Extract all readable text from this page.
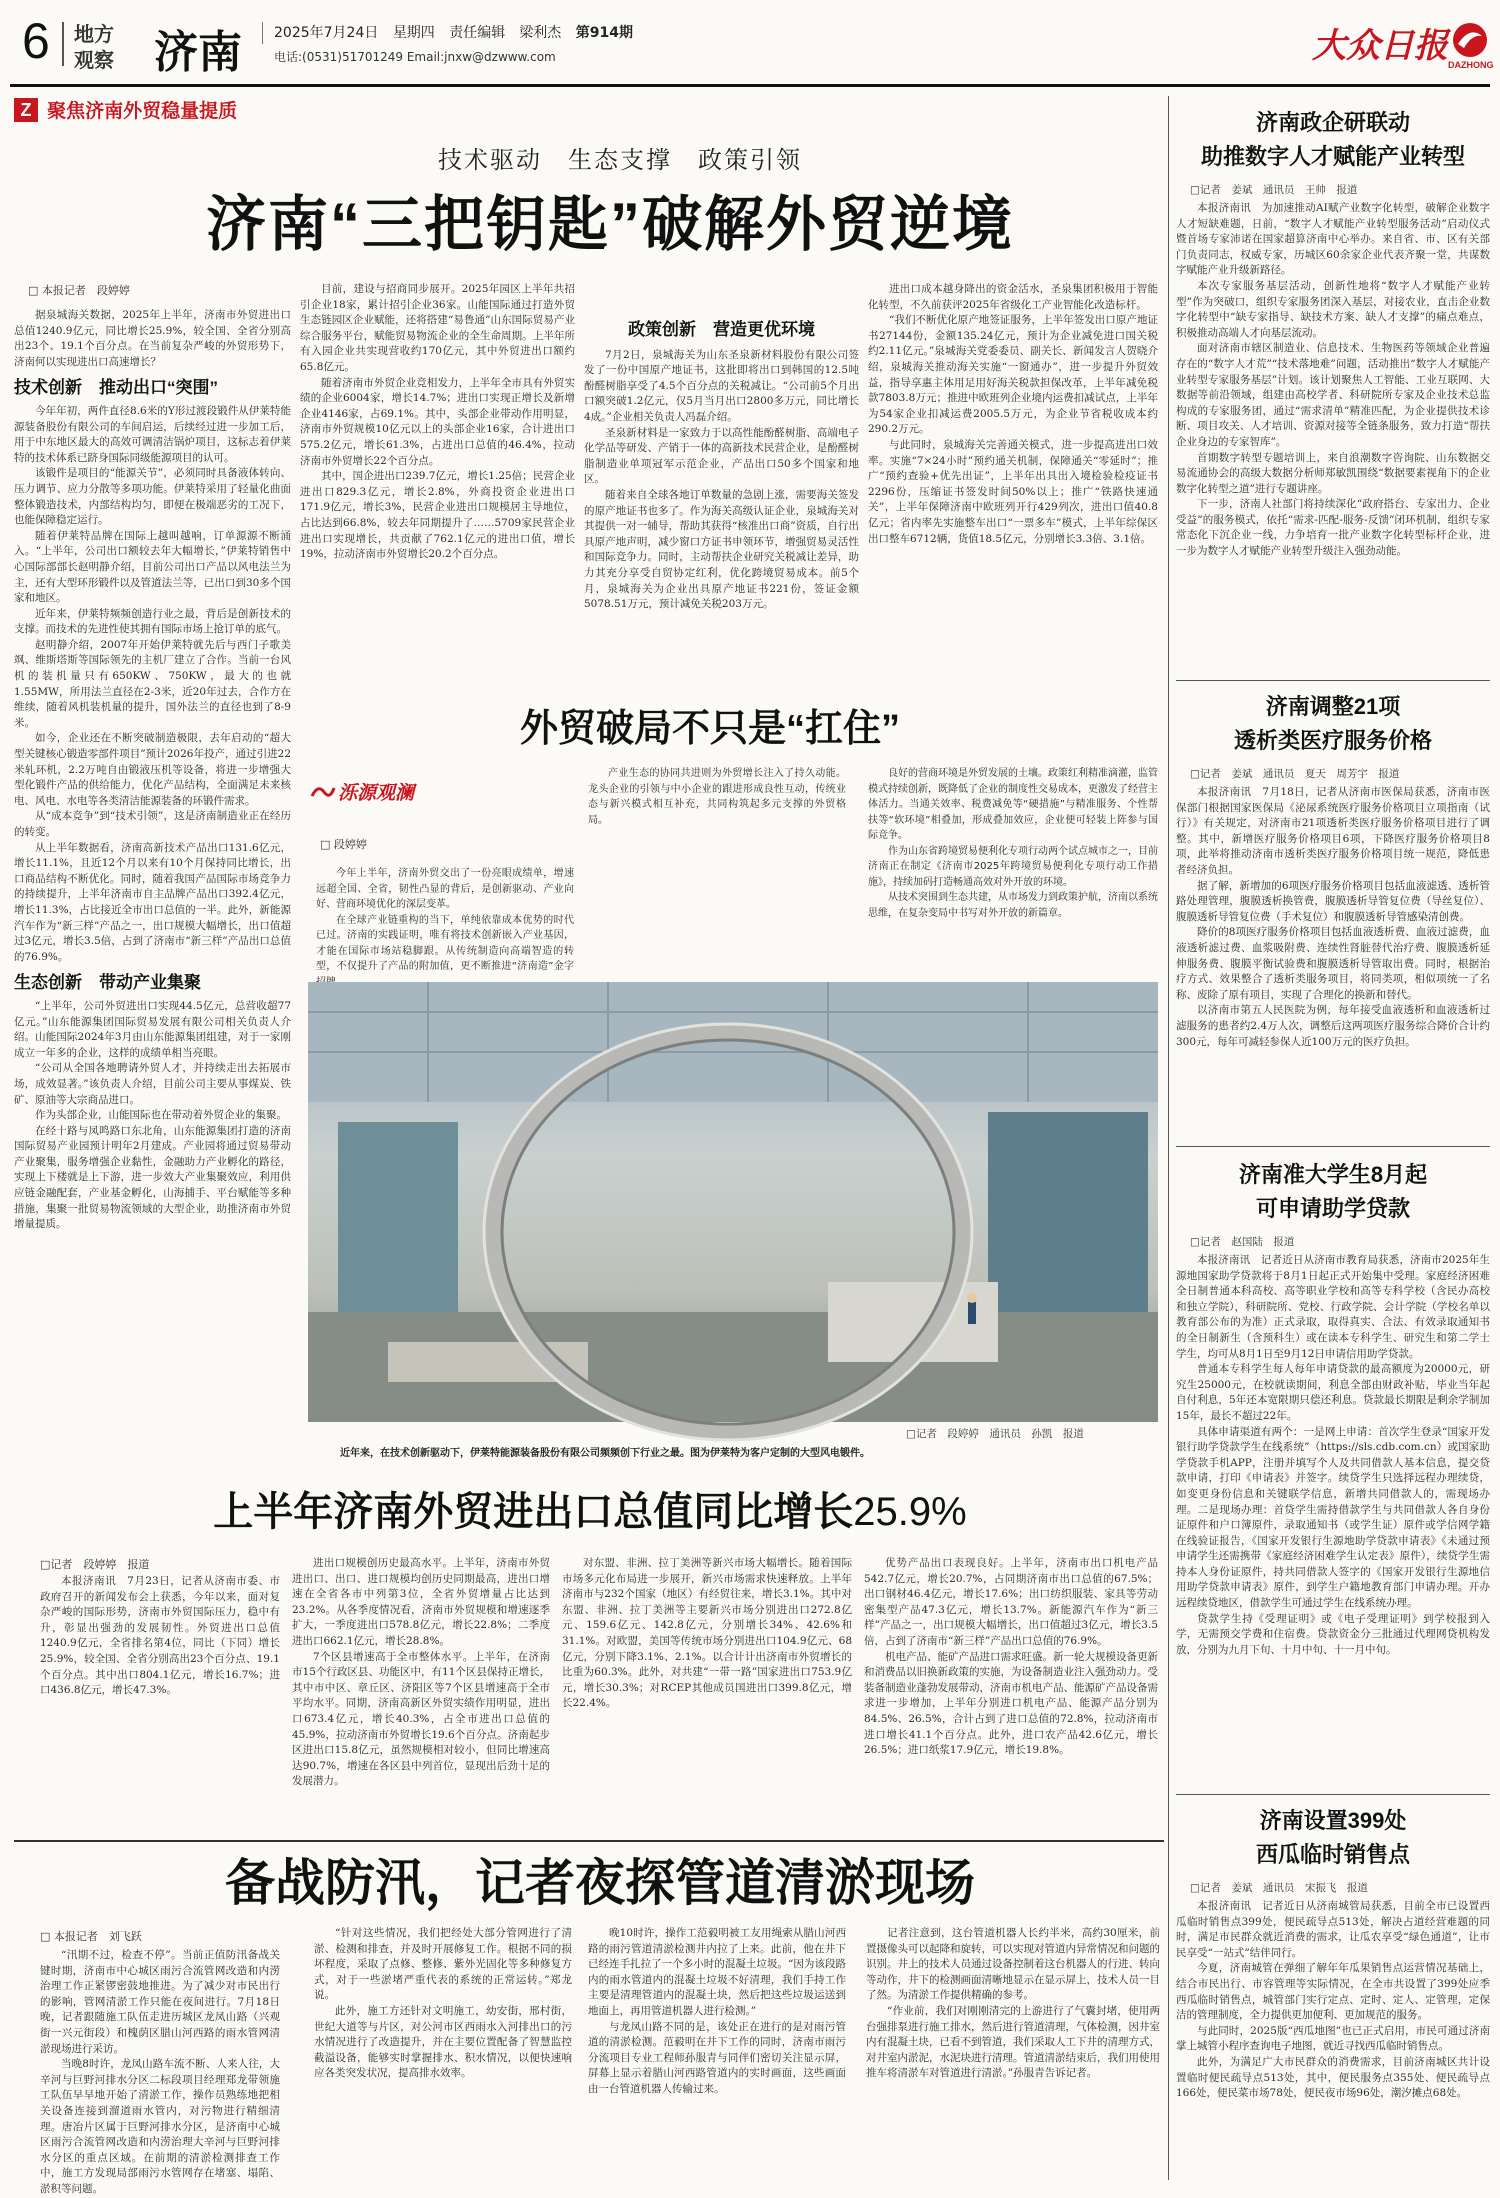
6 地方
观察 济南 2025年7月24日 星期四 责任编辑　梁利杰 第914期
电话:(0531)51701249 Email:jnxw@dzwww.com	大众日报 DAZHONG
Z 聚焦济南外贸稳量提质
技术驱动　生态支撑　政策引领
济南“三把钥匙”破解外贸逆境
□ 本报记者　段婷婷

据泉城海关数据，2025年上半年，济南市外贸进出口总值1240.9亿元，同比增长25.9%，较全国、全省分别高出23个、19.1个百分点。在当前复杂严峻的外贸形势下，济南何以实现进出口高速增长？

技术创新　推动出口“突围”

今年年初，两件直径8.6米的Y形过渡段锻件从伊莱特能源装备股份有限公司的车间启运，后续经过进一步加工后，用于中东地区最大的高效可调清洁锅炉项目，这标志着伊莱特的技术体系已跻身国际同级能源项目的认可。

该锻件是项目的“能源关节”，必须同时具备液体转向、压力调节、应力分散等多项功能。伊莱特采用了轻量化曲面整体锻造技术，内部结构均匀，即便在极端恶劣的工况下，也能保障稳定运行。

随着伊莱特品牌在国际上越叫越响，订单源源不断涌入。“上半年，公司出口额较去年大幅增长，”伊莱特销售中心国际部部长赵明静介绍，目前公司出口产品以风电法兰为主，还有大型环形锻件以及管道法兰等，已出口到30多个国家和地区。

近年来，伊莱特频频创造行业之最，背后是创新技术的支撑。而技术的先进性使其拥有国际市场上抢订单的底气。

赵明静介绍，2007年开始伊莱特就先后与西门子歌美飒、维斯塔斯等国际领先的主机厂建立了合作。当前一台风机的装机量只有650KW、750KW，最大的也就1.55MW，所用法兰直径在2-3米，近20年过去，合作方在维续，随着风机装机量的提升，国外法兰的直径也到了8-9米。

如今，企业还在不断突破制造极限，去年启动的“超大型关键核心锻造零部件项目”预计2026年投产，通过引进22米轧环机，2.2万吨自由锻液压机等设备，将进一步增强大型化锻件产品的供给能力，优化产品结构，全面满足未来核电、风电、水电等各类清洁能源装备的环锻件需求。

从“成本竞争”到“技术引领”，这是济南制造业正在经历的转变。

从上半年数据看，济南高新技术产品出口131.6亿元，增长11.1%，且近12个月以来有10个月保持同比增长，出口商品结构不断优化。同时，随着我国产品国际市场竞争力的持续提升，上半年济南市自主品牌产品出口392.4亿元，增长11.3%，占比接近全市出口总值的一半。此外，新能源汽车作为“新三样”产品之一，出口规模大幅增长，出口值超过3亿元，增长3.5倍，占到了济南市“新三样”产品出口总值的76.9%。

生态创新　带动产业集聚

“上半年，公司外贸进出口实现44.5亿元，总营收超77亿元。”山东能源集团国际贸易发展有限公司相关负责人介绍。山能国际2024年3月由山东能源集团组建，对于一家刚成立一年多的企业，这样的成绩单相当亮眼。

“公司从全国各地聘请外贸人才，并持续走出去拓展市场，成效显著。”该负责人介绍，目前公司主要从事煤炭、铁矿、原油等大宗商品进口。

作为头部企业，山能国际也在带动着外贸企业的集聚。

在经十路与凤鸣路口东北角，山东能源集团打造的济南国际贸易产业园预计明年2月建成。产业园将通过贸易带动产业聚集，服务增强企业黏性，金融助力产业孵化的路径，实现上下楼就是上下游，进一步效大产业集聚效应，利用供应链金融配套，产业基金孵化，山海捕手、平台赋能等多种措施，集聚一批贸易物流领域的大型企业，助推济南市外贸增量提质。

目前，建设与招商同步展开。2025年园区上半年共招引企业18家，累计招引企业36家。山能国际通过打造外贸生态链园区企业赋能，还将搭建“易鲁通”山东国际贸易产业综合服务平台，赋能贸易物流企业的全生命周期。上半年所有入园企业共实现营收约170亿元，其中外贸进出口额约65.8亿元。

随着济南市外贸企业竞相发力，上半年全市具有外贸实绩的企业6004家，增长14.7%；进出口实现正增长及新增企业4146家，占69.1%。其中，头部企业带动作用明显，济南市外贸规模10亿元以上的头部企业16家，合计进出口575.2亿元，增长61.3%，占进出口总值的46.4%，拉动济南市外贸增长22个百分点。

其中，国企进出口239.7亿元，增长1.25倍；民营企业进出口829.3亿元，增长2.8%，外商投资企业进出口171.9亿元，增长3%，民营企业进出口规模居主导地位，占比达到66.8%，较去年同期提升了……5709家民营企业进出口实现增长，共贡献了762.1亿元的进出口值，增长19%，拉动济南市外贸增长20.2个百分点。

政策创新　营造更优环境

7月2日，泉城海关为山东圣泉新材料股份有限公司签发了一份中国原产地证书，这批即将出口到韩国的12.5吨酚醛树脂享受了4.5个百分点的关税减让。“公司前5个月出口额突破1.2亿元，仅5月当月出口2800多万元，同比增长4成。”企业相关负责人冯磊介绍。

圣泉新材料是一家致力于以高性能酚醛树脂、高端电子化学品等研发、产销于一体的高新技术民营企业，是酚醛树脂制造业单项冠军示范企业，产品出口50多个国家和地区。

随着来自全球各地订单数量的急剧上涨，需要海关签发的原产地证书也多了。作为海关高级认证企业，泉城海关对其提供一对一辅导，帮助其获得“核准出口商”资质，自行出具原产地声明，减少窗口方证书申领环节，增强贸易灵活性和国际竞争力。同时，主动帮扶企业研究关税减让差异，助力其充分享受自贸协定红利，优化跨境贸易成本。前5个月，泉城海关为企业出具原产地证书221份，签证金额5078.51万元，预计减免关税203万元。

进出口成本越身降出的资金活水，圣泉集团积极用于智能化转型，不久前获评2025年省级化工产业智能化改造标杆。

“我们不断优化原产地签证服务，上半年签发出口原产地证书27144份，金额135.24亿元，预计为企业减免进口国关税约2.11亿元。”泉城海关党委委员、副关长、新闻发言人贺晓介绍，泉城海关推动海关实施“一窗通办”，进一步提升外贸效益，指导享惠主体用足用好海关税款担保改革，上半年减免税款7803.8万元；推进中欧班列企业境内运费扣减试点，上半年为54家企业扣减运费2005.5万元，为企业节省税收成本约290.2万元。

与此同时，泉城海关完善通关模式，进一步提高进出口效率。实施“7×24小时”预约通关机制，保障通关“零延时”；推广“预约查验+优先出证”，上半年出具出入境检验检疫证书2296份，压缩证书签发时间50%以上；推广“铁路快速通关”，上半年保障济南中欧班列开行429列次，进出口值40.8亿元；省内率先实施整车出口“一票多车”模式，上半年综保区出口整车6712辆，货值18.5亿元，分别增长3.3倍、3.1倍。

外贸破局不只是“扛住”
泺源观澜
□ 段婷婷

今年上半年，济南外贸交出了一份亮眼成绩单，增速远超全国、全省，韧性凸显的背后，是创新驱动、产业向好、营商环境优化的深层变革。

在全球产业链重构的当下，单纯依靠成本优势的时代已过。济南的实践证明，唯有将技术创新嵌入产业基因，才能在国际市场站稳脚跟。从传统制造向高端智造的转型，不仅提升了产品的附加值，更不断推进“济南造”金字

产业生态的协同共进则为外贸增长注入了持久动能。龙头企业的引领与中小企业的跟进形成良性互动，传统业态与新兴模式相互补充，共同构筑起多元支撑的外贸格局。

良好的营商环境是外贸发展的土壤。政策红利精准滴灌，监管模式持续创新，既降低了企业的制度性交易成本，更激发了经营主体活力。当通关效率、税费减免等“硬措施”与精准服务、个性帮扶等“软环境”相叠加，形成叠加效应，企业便可轻装上阵参与国际竞争。

作为山东省跨境贸易便利化专项行动两个试点城市之一，目前济南正在制定《济南市2025年跨境贸易便利化专项行动工作措施》，持续加码打造畅通高效对外开放的环境。

从技术突围到生态共建，从市场发力到政策护航，济南以系统思维，在复杂变局中书写对外开放的新篇章。

□记者　段婷婷　通讯员　孙凯　报道
近年来，在技术创新驱动下，伊莱特能源装备股份有限公司频频创下行业之最。图为伊莱特为客户定制的大型风电锻件。
上半年济南外贸进出口总值同比增长25.9%
□记者　段婷婷　报道

本报济南讯　7月23日，记者从济南市委、市政府召开的新闻发布会上获悉，今年以来，面对复杂严峻的国际形势，济南市外贸国际压力，稳中有升，彰显出强劲的发展韧性。外贸进出口总值1240.9亿元，全省排名第4位，同比（下同）增长25.9%，较全国、全省分别高出23个百分点、19.1个百分点。其中出口804.1亿元，增长16.7%；进口436.8亿元，增长47.3%。

进出口规模创历史最高水平。上半年，济南市外贸进出口、出口、进口规模均创历史同期最高，进出口增速在全省各市中列第3位，全省外贸增量占比达到23.2%。从各季度情况看，济南市外贸规模和增速逐季扩大，一季度进出口578.8亿元，增长22.8%；二季度进出口662.1亿元，增长28.8%。

7个区县增速高于全市整体水平。上半年，在济南市15个行政区县、功能区中，有11个区县保持正增长，其中市中区、章丘区、济阳区等7个区县增速高于全市平均水平。同期，济南高新区外贸实绩作用明显，进出口673.4亿元，增长40.3%，占全市进出口总值的45.9%，拉动济南市外贸增长19.6个百分点。济南起步区进出口15.8亿元，虽然规模相对较小，但同比增速高达90.7%，增速在各区县中列首位，显现出后劲十足的发展潜力。

对东盟、非洲、拉丁美洲等新兴市场大幅增长。随着国际市场多元化布局进一步展开，新兴市场需求快速释放。上半年济南市与232个国家（地区）有经贸往来，增长3.1%。其中对东盟、非洲、拉丁美洲等主要新兴市场分别进出口272.8亿元、159.6亿元、142.8亿元，分别增长34%、42.6%和31.1%。对欧盟，美国等传统市场分别进出口104.9亿元、68亿元，分别下降3.1%、2.1%。以合计计出济南市外贸增长的比重为60.3%。此外，对共建“一带一路”国家进出口753.9亿元，增长30.3%；对RCEP其他成员国进出口399.8亿元，增长22.4%。

优势产品出口表现良好。上半年，济南市出口机电产品542.7亿元，增长20.7%，占同期济南市出口总值的67.5%；出口钢材46.4亿元，增长17.6%；出口纺织服装、家具等劳动密集型产品47.3亿元，增长13.7%。新能源汽车作为“新三样”产品之一，出口规模大幅增长，出口值超过3亿元，增长3.5倍，占到了济南市“新三样”产品出口总值的76.9%。

机电产品、能矿产品进口需求旺盛。新一轮大规模设备更新和消费品以旧换新政策的实施，为设备制造业注入强劲动力。受装备制造业蓬勃发展带动，济南市机电产品、能源矿产品设备需求进一步增加，上半年分别进口机电产品、能源产品分别为84.5%、26.5%，合计占到了进口总值的72.8%，拉动济南市进口增长41.1个百分点。此外，进口农产品42.6亿元，增长26.5%；进口纸浆17.9亿元，增长19.8%。

备战防汛，记者夜探管道清淤现场
□ 本报记者　刘飞跃

“汛期不过，检查不停”。当前正值防汛备战关键时期，济南市中心城区雨污合流管网改造和内涝治理工作正紧锣密鼓地推进。为了减少对市民出行的影响，管网清淤工作只能在夜间进行。7月18日晚，记者跟随施工队伍走进历城区龙凤山路（兴观街一兴元街段）和槐荫区腊山河西路的雨水管网清淤现场进行采访。

当晚8时许，龙凤山路车流不断、人来人往，大辛河与巨野河排水分区二标段项目经理郑龙带领施工队伍早早地开始了清淤工作，操作员熟练地把相关设备连接到溜道雨水管内，对污物进行精细清理。唐冶片区属于巨野河排水分区，是济南中心城区雨污合流管网改造和内涝治理大辛河与巨野河排水分区的重点区域。在前期的清淤检测排查工作中，施工方发现局部雨污水管网存在堵塞、塌陷、淤积等问题。

“针对这些情况，我们把经处大部分管网进行了清淤、检测和排查，并及时开展修复工作。根据不同的损坏程度，采取了点修、整修、紫外光固化等多种修复方式，对于一些淤堵严重代表的系统的正常运转。”郑龙说。

此外，施工方还针对文明施工，幼安街，邢村街，世纪大道等与片区，对公河市区西雨水入河排出口的污水情况进行了改造提升，并在主要位置配备了智慧监控截溢设备，能够实时掌握排水、积水情况，以便快速响应各类突发状况，提高排水效率。

晚10时许，操作工范毅明被工友用绳索从腊山河西路的雨污管道清淤检测井内拉了上来。此前，他在井下已经连手扎拉了一个多小时的混凝土垃圾。“因为该段路内的雨水管道内的混凝土垃圾不好清理，我们手持工作主要是清理管道内的混凝土块，然后把这些垃圾运送到地面上，再用管道机器人进行检测。”

与龙凤山路不同的是，该处正在进行的是对雨污管道的清淤检测。范毅明在井下工作的同时，济南市雨污分流项目专业工程师孙服青与同伴们密切关注显示屏，屏幕上显示着腊山河西路管道内的实时画面，这些画面由一台管道机器人传输过来。

记者注意到，这台管道机器人长约半米，高约30厘米，前置摄像头可以起降和旋转，可以实现对管道内异常情况和问题的识别。井上的技术人员通过设备控制着这台机器人的行进、转向等动作，井下的检测画面清晰地显示在显示屏上，技术人员一目了然。为清淤工作提供精确的参考。

“作业前，我们对刚刚清完的上游进行了气囊封堵，使用两台强排泵进行施工排水，然后进行管道清理，气体检测，因井室内有混凝土块，已看不到管道，我们采取人工下井的清理方式，对井室内淤泥，水泥块进行清理。管道清淤结束后，我们用使用推车将清淤车对管道进行清淤。”孙服青告诉记者。

济南政企研联动
助推数字人才赋能产业转型
□记者　姜斌　通讯员　王帅　报道

本报济南讯　为加速推动AI赋产业数字化转型，破解企业数字人才短缺难题，日前，“数字人才赋能产业转型服务活动”启动仪式暨首场专家沛诺在国家超算济南中心举办。来自省、市、区有关部门负责同志，权威专家，历城区60余家企业代表齐聚一堂，共谋数字赋能产业升级新路径。

本次专家服务基层活动，创新性地将“数字人才赋能产业转型”作为突破口，组织专家服务团深入基层，对接农业，直击企业数字化转型中“缺专家指导、缺技术方案、缺人才支撑”的痛点难点，积极推动高端人才向基层流动。

面对济南市辖区制造业、信息技术、生物医药等领域企业普遍存在的“数字人才荒”“技术落地难”问题，活动推出“数字人才赋能产业转型专家服务基层”计划。该计划聚焦人工智能、工业互联网、大数据等前沿领域，组建由高校学者、科研院所专家及企业技术总监构成的专家服务团，通过“需求清单”精准匹配，为企业提供技术诊断、项目攻关、人才培训、资源对接等全链条服务，致力打造“帮扶企业身边的专家智库”。

首期数字转型专题培训上，来自浪潮数字咨询院、山东数据交易流通协会的高级大数据分析师郑敏凯围绕“数据要素视角下的企业数字化转型之道”进行专题讲座。

下一步，济南人社部门将持续深化“政府搭台、专家出力、企业受益”的服务模式，依托“需求-匹配-服务-反馈”闭环机制，组织专家常态化下沉企业一线，力争培育一批产业数字化转型标杆企业，进一步为数字人才赋能产业转型升级注入强劲动能。

济南调整21项
透析类医疗服务价格
□记者　姜斌　通讯员　夏天　周芳宇　报道

本报济南讯　7月18日，记者从济南市医保局获悉，济南市医保部门根据国家医保局《泌尿系统医疗服务价格项目立项指南（试行）》有关规定，对济南市21项透析类医疗服务价格项目进行了调整。其中，新增医疗服务价格项目6项，下降医疗服务价格项目8项，此举将推动济南市透析类医疗服务价格项目统一规范，降低患者经济负担。

据了解，新增加的6项医疗服务价格项目包括血液滤透、透析管路处理管理，腹膜透析换管费，腹膜透析导管复位费（导丝复位）、腹膜透析导管复位费（手术复位）和腹膜透析导管感染清创费。

降价的8项医疗服务价格项目包括血液透析费、血液过滤费，血液透析滤过费、血浆吸附费、连续性肾脏替代治疗费、腹膜透析延伸服务费、腹膜平衡试验费和腹膜透析导管取出费。同时，根据治疗方式、效果整合了透析类服务项目，将同类项，相似项统一了名称、废除了原有项目，实现了合理化的换新和替代。

以济南市第五人民医院为例，每年接受血液透析和血液透析过滤服务的患者约2.4万人次，调整后这两项医疗服务综合降价合计约300元，每年可减轻参保人近100万元的医疗负担。

济南准大学生8月起
可申请助学贷款
□记者　赵国陆　报道

本报济南讯　记者近日从济南市教育局获悉，济南市2025年生源地国家助学贷款将于8月1日起正式开始集中受理。家庭经济困难全日制普通本科高校、高等职业学校和高等专科学校（含民办高校和独立学院），科研院所、党校、行政学院、会计学院（学校名单以教育部公布的为准）正式录取，取得真实、合法、有效录取通知书的全日制新生（含预科生）或在读本专科学生、研究生和第二学士学生，均可从8月1日至9月12日申请信用助学贷款。

普通本专科学生每人每年申请贷款的最高额度为20000元，研究生25000元，在校就读期间，利息全部由财政补贴，毕业当年起自付利息，5年还本宽限期只偿还利息。贷款最长期限是剩余学制加15年，最长不超过22年。

具体申请渠道有两个：一是网上申请：首次学生登录“国家开发银行助学贷款学生在线系统”（https://sls.cdb.com.cn）或国家助学贷款手机APP，注册并填写个人及共同借款人基本信息，提交贷款申请，打印《申请表》并签字。续贷学生只选择远程办理续贷，如变更身份信息和关键联学信息，新增共同借款人的，需现场办理。二是现场办理：首贷学生需持借款学生与共同借款人各自身份证原件和户口簿原件，录取通知书（或学生证）原件或学信网学籍在线验证报告，《国家开发银行生源地助学贷款申请表》《未通过预申请学生还需携带《家庭经济困难学生认定表》原件），续贷学生需持本人身份证原件，持共同借款人签字的《国家开发银行生源地信用助学贷款申请表》原件，到学生户籍地教育部门申请办理。开办远程续贷地区，借款学生可通过学生在线系统办理。

贷款学生持《受理证明》或《电子受理证明》到学校报到入学，无需预交学费和住宿费。贷款资金分三批通过代理网贷机构发放，分别为九月下旬、十月中旬、十一月中旬。

济南设置399处
西瓜临时销售点
□记者　姜斌　通讯员　宋振飞　报道

本报济南讯　记者近日从济南城管局获悉，目前全市已设置西瓜临时销售点399处，便民疏导点513处，解决占道经营难题的同时，满足市民群众就近消费的需求，让瓜农享受“绿色通道”，让市民享受“一站式”结伴同行。

今夏，济南城管在弹细了解年年瓜果销售点运营情况基础上，结合市民出行、市容管理等实际情况，在全市共设置了399处应季西瓜临时销售点，城管部门实行定点、定时、定人、定管理，定保洁的管理制度，全力提供更加便利、更加规范的服务。

与此同时，2025版“西瓜地图”也已正式启用，市民可通过济南掌上城管小程序查询电子地图，就近寻找西瓜临时销售点。

此外，为满足广大市民群众的消费需求，目前济南城区共计设置临时便民疏导点513处，其中，便民服务点355处、便民疏导点166处，便民菜市场78处，便民夜市场96处，潮汐摊点68处。
